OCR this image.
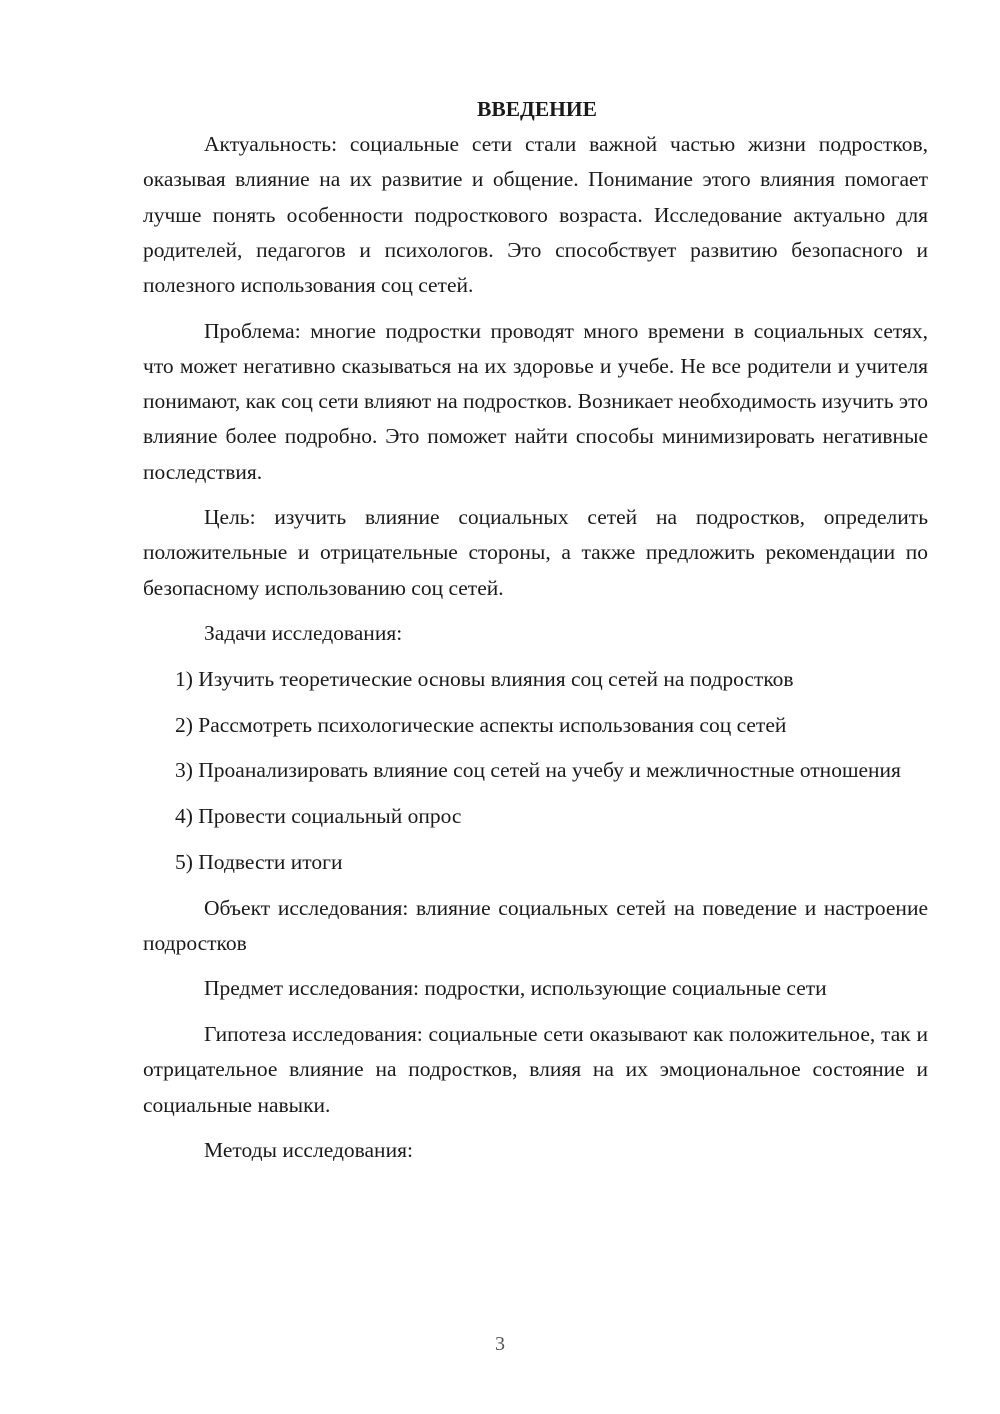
ВВЕДЕНИЕ

Актуальность: социальные сети стали важной частью жизни подростков, оказывая влияние на их развитие и общение. Понимание этого влияния помогает лучше понять особенности подросткового возраста. Исследование актуально для родителей, педагогов и психологов. Это способствует развитию безопасного и полезного использования соц сетей.

Проблема: многие подростки проводят много времени в социальных сетях, что может негативно сказываться на их здоровье и учебе. Не все родители и учителя понимают, как соц сети влияют на подростков. Возникает необходимость изучить это влияние более подробно. Это поможет найти способы минимизировать негативные последствия.

Цель: изучить влияние социальных сетей на подростков, определить положительные и отрицательные стороны, а также предложить рекомендации по безопасному использованию соц сетей.

Задачи исследования:

1) Изучить теоретические основы влияния соц сетей на подростков

2) Рассмотреть психологические аспекты использования соц сетей

3) Проанализировать влияние соц сетей на учебу и межличностные отношения

4) Провести социальный опрос

5) Подвести итоги

Объект исследования: влияние социальных сетей на поведение и настроение подростков

Предмет исследования: подростки, использующие социальные сети

Гипотеза исследования: социальные сети оказывают как положительное, так и отрицательное влияние на подростков, влияя на их эмоциональное состояние и социальные навыки.

Методы исследования:

3
